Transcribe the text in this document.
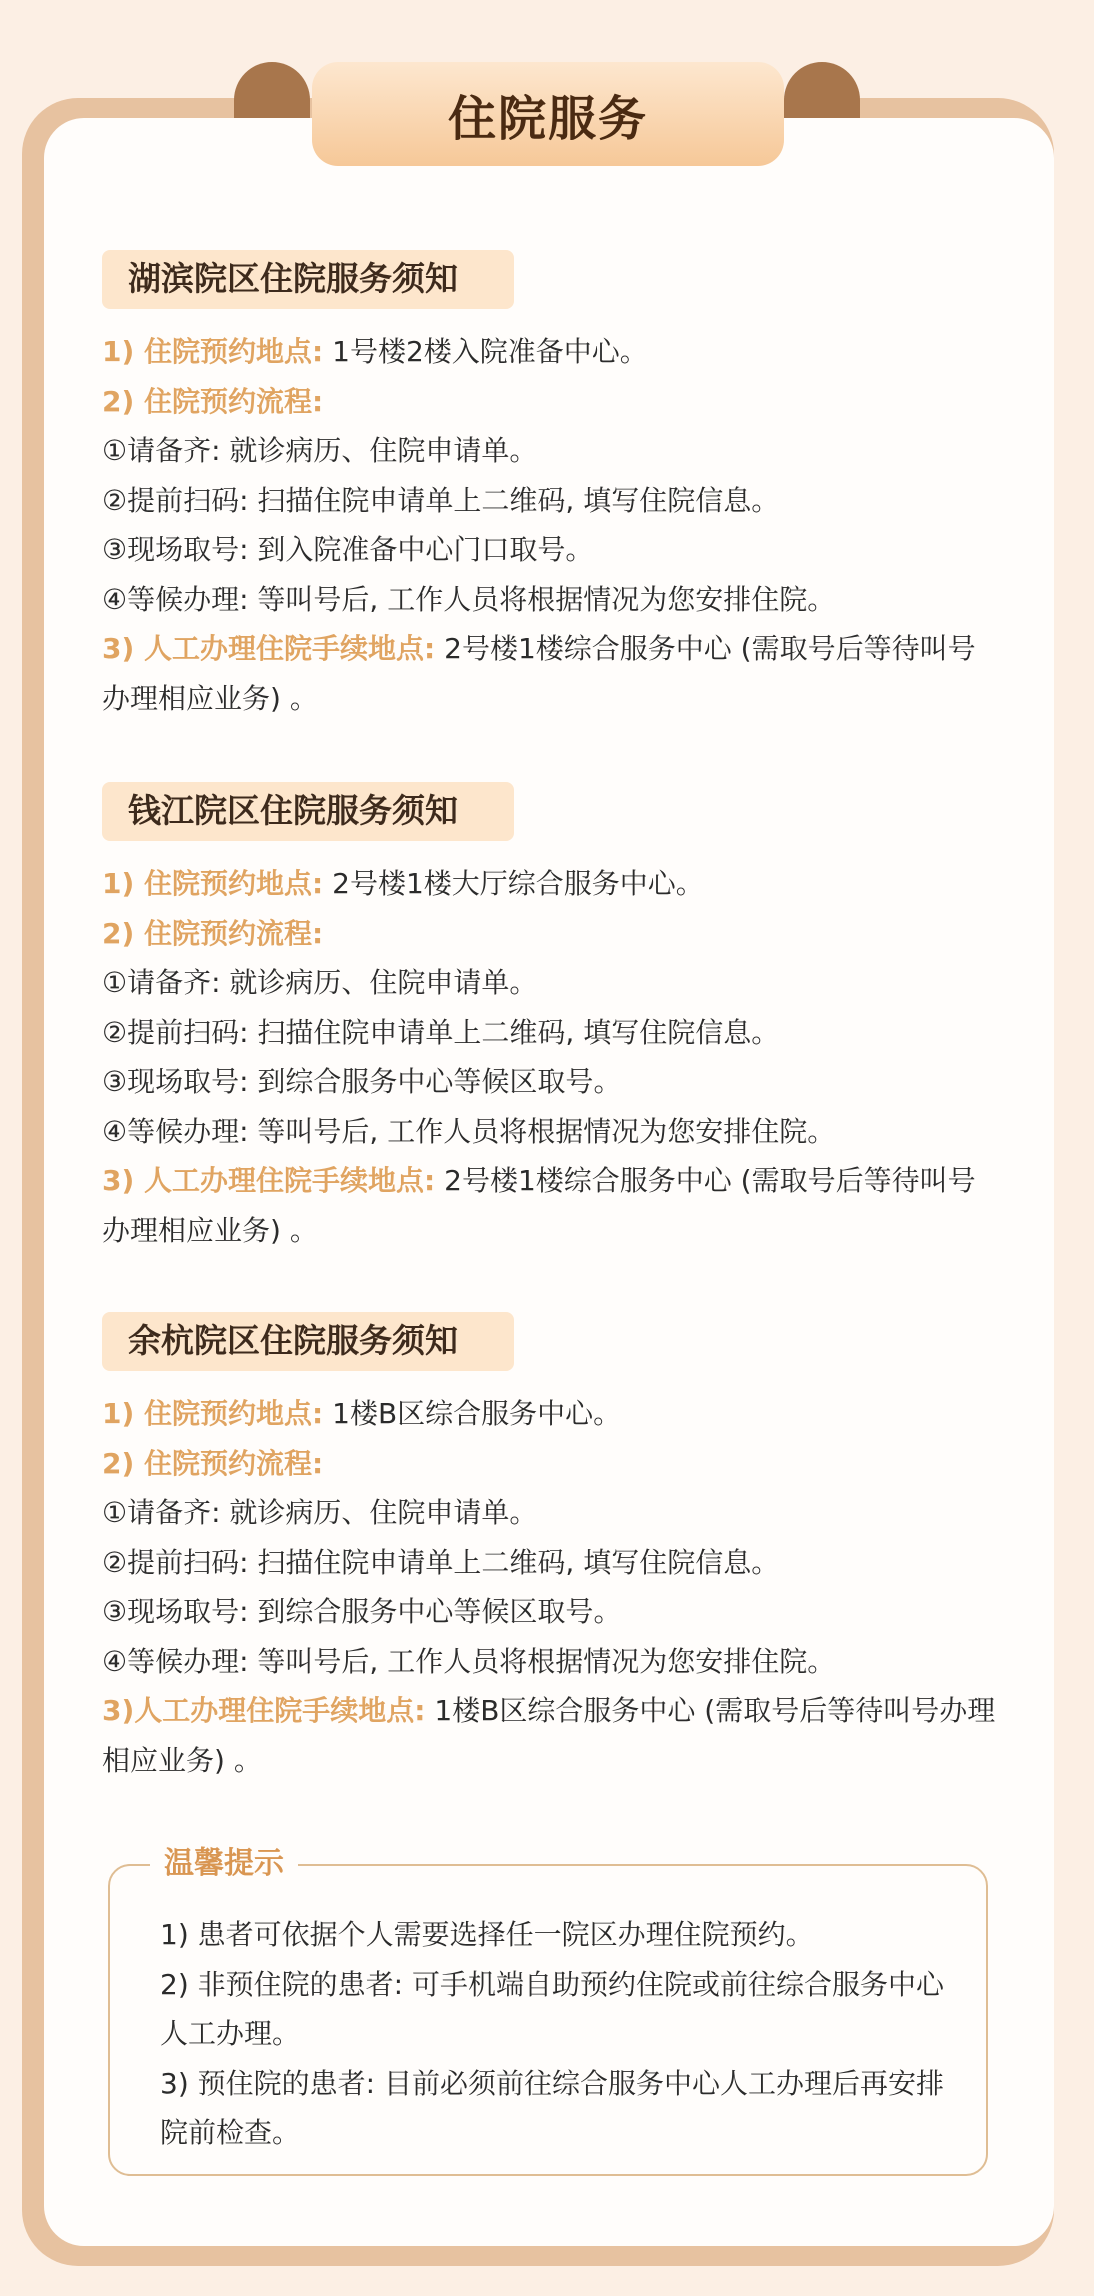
住院服务
湖滨院区住院服务须知
1) 住院预约地点: 1号楼2楼入院准备中心。
2) 住院预约流程:
①请备齐: 就诊病历、住院申请单。
②提前扫码: 扫描住院申请单上二维码, 填写住院信息。
③现场取号: 到入院准备中心门口取号。
④等候办理: 等叫号后, 工作人员将根据情况为您安排住院。
3) 人工办理住院手续地点: 2号楼1楼综合服务中心 (需取号后等待叫号办理相应业务) 。
钱江院区住院服务须知
1) 住院预约地点: 2号楼1楼大厅综合服务中心。
2) 住院预约流程:
①请备齐: 就诊病历、住院申请单。
②提前扫码: 扫描住院申请单上二维码, 填写住院信息。
③现场取号: 到综合服务中心等候区取号。
④等候办理: 等叫号后, 工作人员将根据情况为您安排住院。
3) 人工办理住院手续地点: 2号楼1楼综合服务中心 (需取号后等待叫号办理相应业务) 。
余杭院区住院服务须知
1) 住院预约地点: 1楼B区综合服务中心。
2) 住院预约流程:
①请备齐: 就诊病历、住院申请单。
②提前扫码: 扫描住院申请单上二维码, 填写住院信息。
③现场取号: 到综合服务中心等候区取号。
④等候办理: 等叫号后, 工作人员将根据情况为您安排住院。
3)人工办理住院手续地点: 1楼B区综合服务中心 (需取号后等待叫号办理相应业务) 。
温馨提示
1) 患者可依据个人需要选择任一院区办理住院预约。
2) 非预住院的患者: 可手机端自助预约住院或前往综合服务中心人工办理。
3) 预住院的患者: 目前必须前往综合服务中心人工办理后再安排院前检查。
